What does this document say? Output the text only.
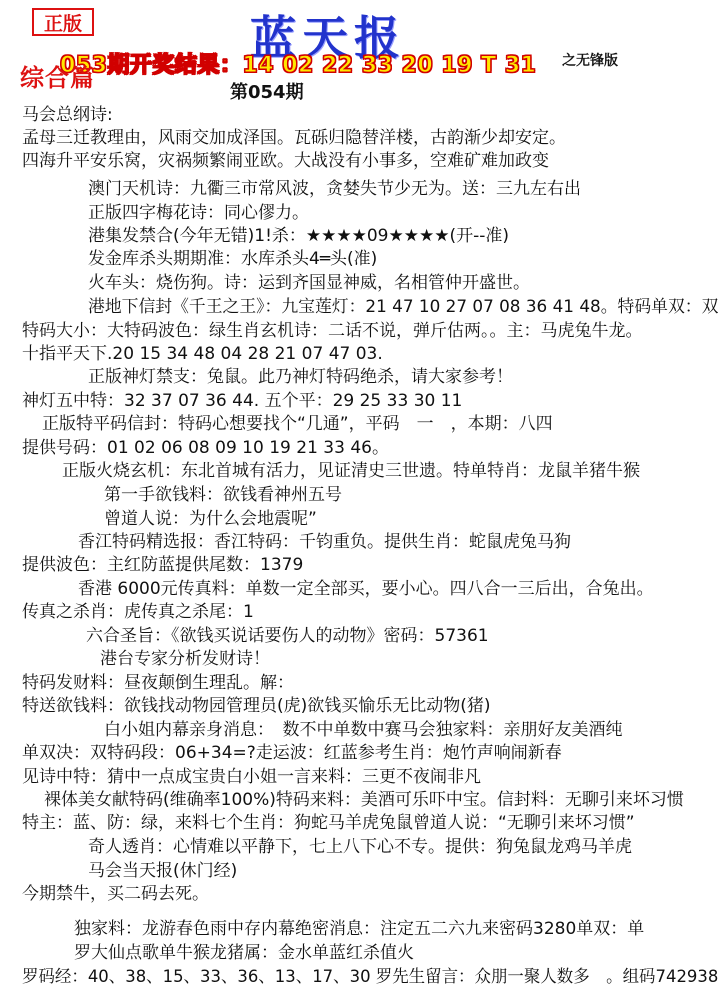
正版	蓝天报
053期开奖结果：14 02 22 33 20 19 T 31 之无锋版
综合篇
第054期
马会总纲诗:
孟母三迁教理由，风雨交加成泽国。瓦砾归隐替洋楼，古韵渐少却安定。
四海升平安乐窝，灾祸频繁闹亚欧。大战没有小事多，空难矿难加政变
澳门天机诗：九衢三市常风波，贪婪失节少无为。送：三九左右出
正版四字梅花诗：同心僇力。
港集发禁合(今年无错)1!杀：★★★★09★★★★(开--准)
发金库杀头期期准：水库杀头4═头(准)
火车头：烧伤狗。诗：运到齐国显神威，名相管仲开盛世。
港地下信封《千王之王》：九宝莲灯：21 47 10 27 07 08 36 41 48。特码单双：双
特码大小：大特码波色：绿生肖玄机诗：二话不说，弹斤估两。。主：马虎兔牛龙。
十指平天下.20 15 34 48 04 28 21 07 47 03.
正版神灯禁支：兔鼠。此乃神灯特码绝杀，请大家参考！
神灯五中特：32 37 07 36 44. 五个平：29 25 33 30 11
正版特平码信封：特码心想要找个“几通”，平码　一　，本期：八四
提供号码：01 02 06 08 09 10 19 21 33 46。
正版火烧玄机：东北首城有活力，见证清史三世遗。特单特肖：龙鼠羊猪牛猴
第一手欲钱料：欲钱看神州五号
曾道人说：为什么会地震呢”
香江特码精选报：香江特码：千钧重负。提供生肖：蛇鼠虎兔马狗
提供波色：主红防蓝提供尾数：1379
香港 6000元传真料：单数一定全部买，要小心。四八合一三后出，合兔出。
传真之杀肖：虎传真之杀尾：1
六合圣旨：《欲钱买说话要伤人的动物》密码：57361
港台专家分析发财诗！
特码发财料：昼夜颠倒生理乱。解：
特送欲钱料：欲钱找动物园管理员(虎)欲钱买愉乐无比动物(猪)
白小姐内幕亲身消息：　数不中单数中赛马会独家料：亲朋好友美酒纯
单双决：双特码段：06+34=?走运波：红蓝参考生肖：炮竹声响闹新春
见诗中特：猜中一点成宝贵白小姐一言来料：三更不夜闹非凡
裸体美女献特码(维确率100%)特码来料：美酒可乐吓中宝。信封料：无聊引来坏习惯
特主：蓝、防：绿，来料七个生肖：狗蛇马羊虎兔鼠曾道人说：“无聊引来坏习惯”
奇人透肖：心情难以平静下，七上八下心不专。提供：狗兔鼠龙鸡马羊虎
马会当天报(休门经)
今期禁牛，买二码去死。
独家料：龙游春色雨中存内幕绝密消息：注定五二六九来密码3280单双：单
罗大仙点歌单牛猴龙猪属：金水单蓝红杀值火
罗码经：40、38、15、33、36、13、17、30 罗先生留言：众朋一聚人数多　。组码742938
